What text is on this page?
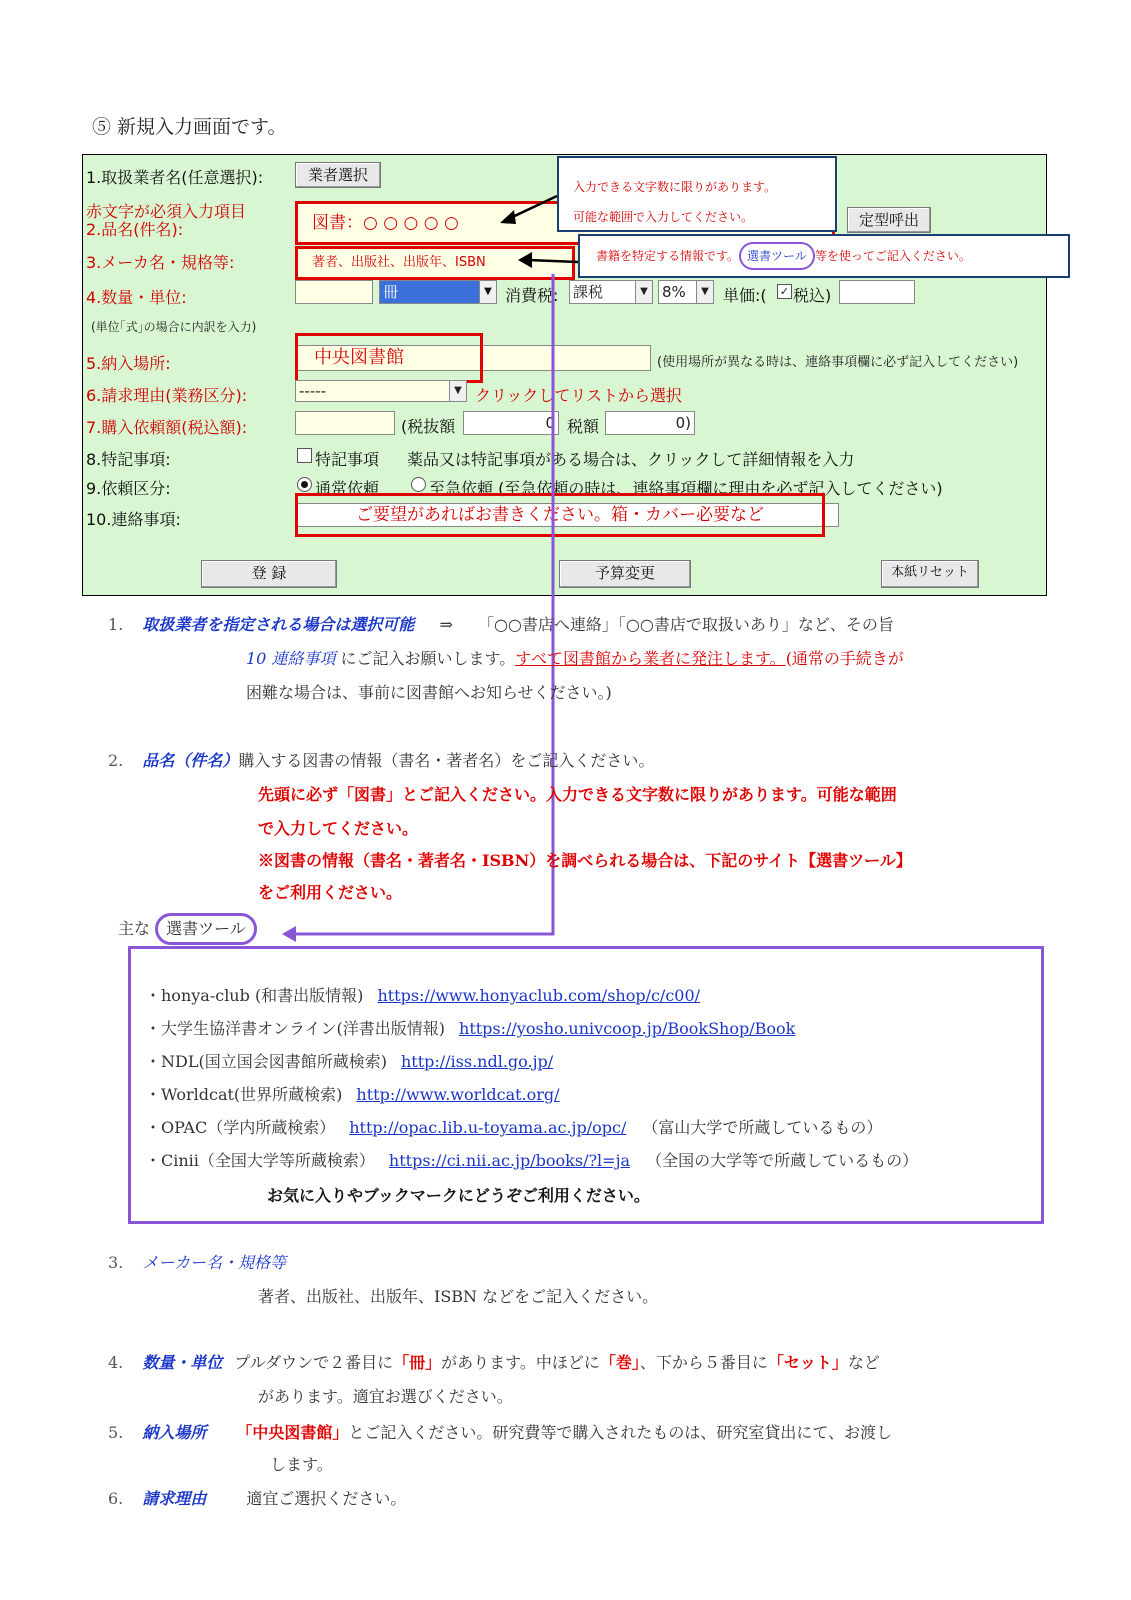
⑤ 新規入力画面です。
1.取扱業者名(任意選択):	業者選択
赤文字が必須入力項目
2.品名(件名):	図書：○ ○ ○ ○ ○	定型呼出
3.メーカ名・規格等:	著者、出版社、出版年、ISBN
4.数量・単位:	冊	▼ 消費税: 課税	▼ 8%	▼ 単価:( ✓ 税込)
(単位｢式｣の場合に内訳を入力)
5.納入場所:	中央図書館	(使用場所が異なる時は、連絡事項欄に必ず記入してください)
6.請求理由(業務区分):	-----	▼ クリックしてリストから選択
7.購入依頼額(税込額):	(税抜額	0 税額	0)
8.特記事項:	特記事項 薬品又は特記事項がある場合は、クリックして詳細情報を入力
9.依頼区分:	通常依頼	至急依頼 (至急依頼の時は、連絡事項欄に理由を必ず記入してください)
10.連絡事項:	ご要望があればお書きください。箱・カバー必要など
登 録	予算変更	本紙リセット
入力できる文字数に限りがあります。
可能な範囲で入力してください。
書籍を特定する情報です。 選書ツール 等を使ってご記入ください。
1. 取扱業者を指定される場合は選択可能 ⇒ 「○○書店へ連絡」「○○書店で取扱いあり」など、その旨
10 連絡事項 にご記入お願いします。すべて図書館から業者に発注します。(通常の手続きが
困難な場合は、事前に図書館へお知らせください。)
2. 品名（件名）購入する図書の情報（書名・著者名）をご記入ください。
先頭に必ず「図書」とご記入ください。入力できる文字数に限りがあります。可能な範囲
で入力してください。
※図書の情報（書名・著者名・ISBN）を調べられる場合は、下記のサイト【選書ツール】
をご利用ください。
主な 選書ツール
・honya-club (和書出版情報) https://www.honyaclub.com/shop/c/c00/
・大学生協洋書オンライン(洋書出版情報) https://yosho.univcoop.jp/BookShop/Book
・NDL(国立国会図書館所蔵検索) http://iss.ndl.go.jp/
・Worldcat(世界所蔵検索) http://www.worldcat.org/
・OPAC（学内所蔵検索） http://opac.lib.u-toyama.ac.jp/opc/ （富山大学で所蔵しているもの）
・Cinii（全国大学等所蔵検索） https://ci.nii.ac.jp/books/?l=ja （全国の大学等で所蔵しているもの）
お気に入りやブックマークにどうぞご利用ください。
3. メーカー名・規格等
著者、出版社、出版年、ISBN などをご記入ください。
4. 数量・単位 プルダウンで２番目に「冊」があります。中ほどに「巻」、下から５番目に「セット」など
があります。適宜お選びください。
5. 納入場所 「中央図書館」とご記入ください。研究費等で購入されたものは、研究室貸出にて、お渡し
します。
6. 請求理由	適宜ご選択ください。
